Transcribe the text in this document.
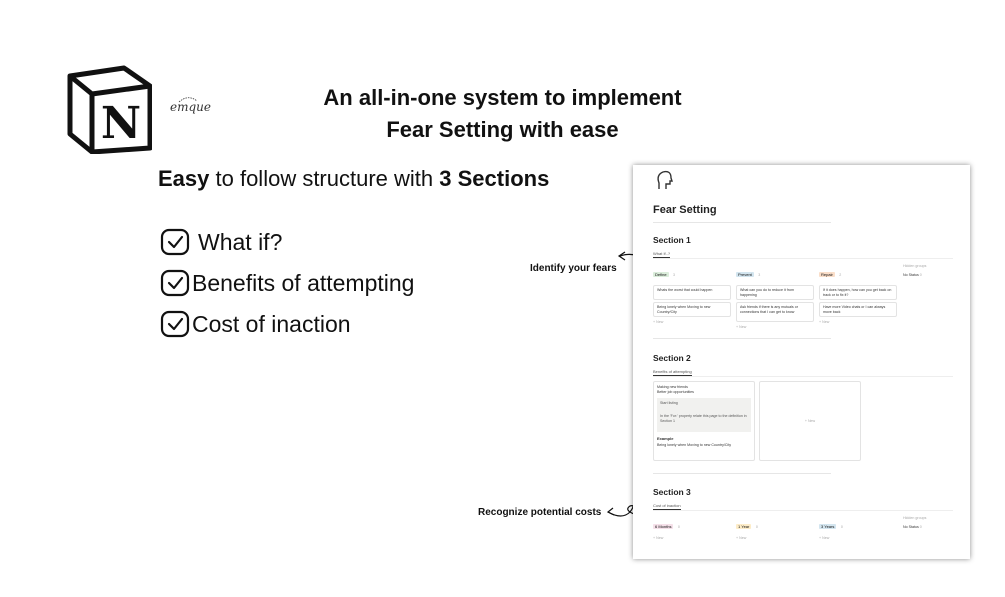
N emque	An all-in-one system to implement
Fear Setting with ease
Easy to follow structure with 3 Sections
What if?
Benefits of attempting
Cost of inaction
Identify your fears
Recognize potential costs
Fear Setting
Section 1
What If..?
Define 3
Whats the worst that could happen
Being lonely when Moving to new Country/City
+ New
Prevent 3
What can you do to reduce it from happening
Ask friends if there is any mutuals or connections that I can get to know
+ New
Repair 2
If it does happen, how can you get back on track or to fix it?
Have more Video chats or I can always move back
+ New
Hidden groups
No Status 0
Section 2
Benefits of attempting
Making new friends
Better job opportunities
Start listing
In the 'For:' property relate this page to the definition in Section 1
Example
Being lonely when Moving to new Country/City
+ New
Section 3
Cost of inaction
6 Months 0
+ New
1 Year 0
+ New
3 Years 0
+ New
Hidden groups
No Status 0
